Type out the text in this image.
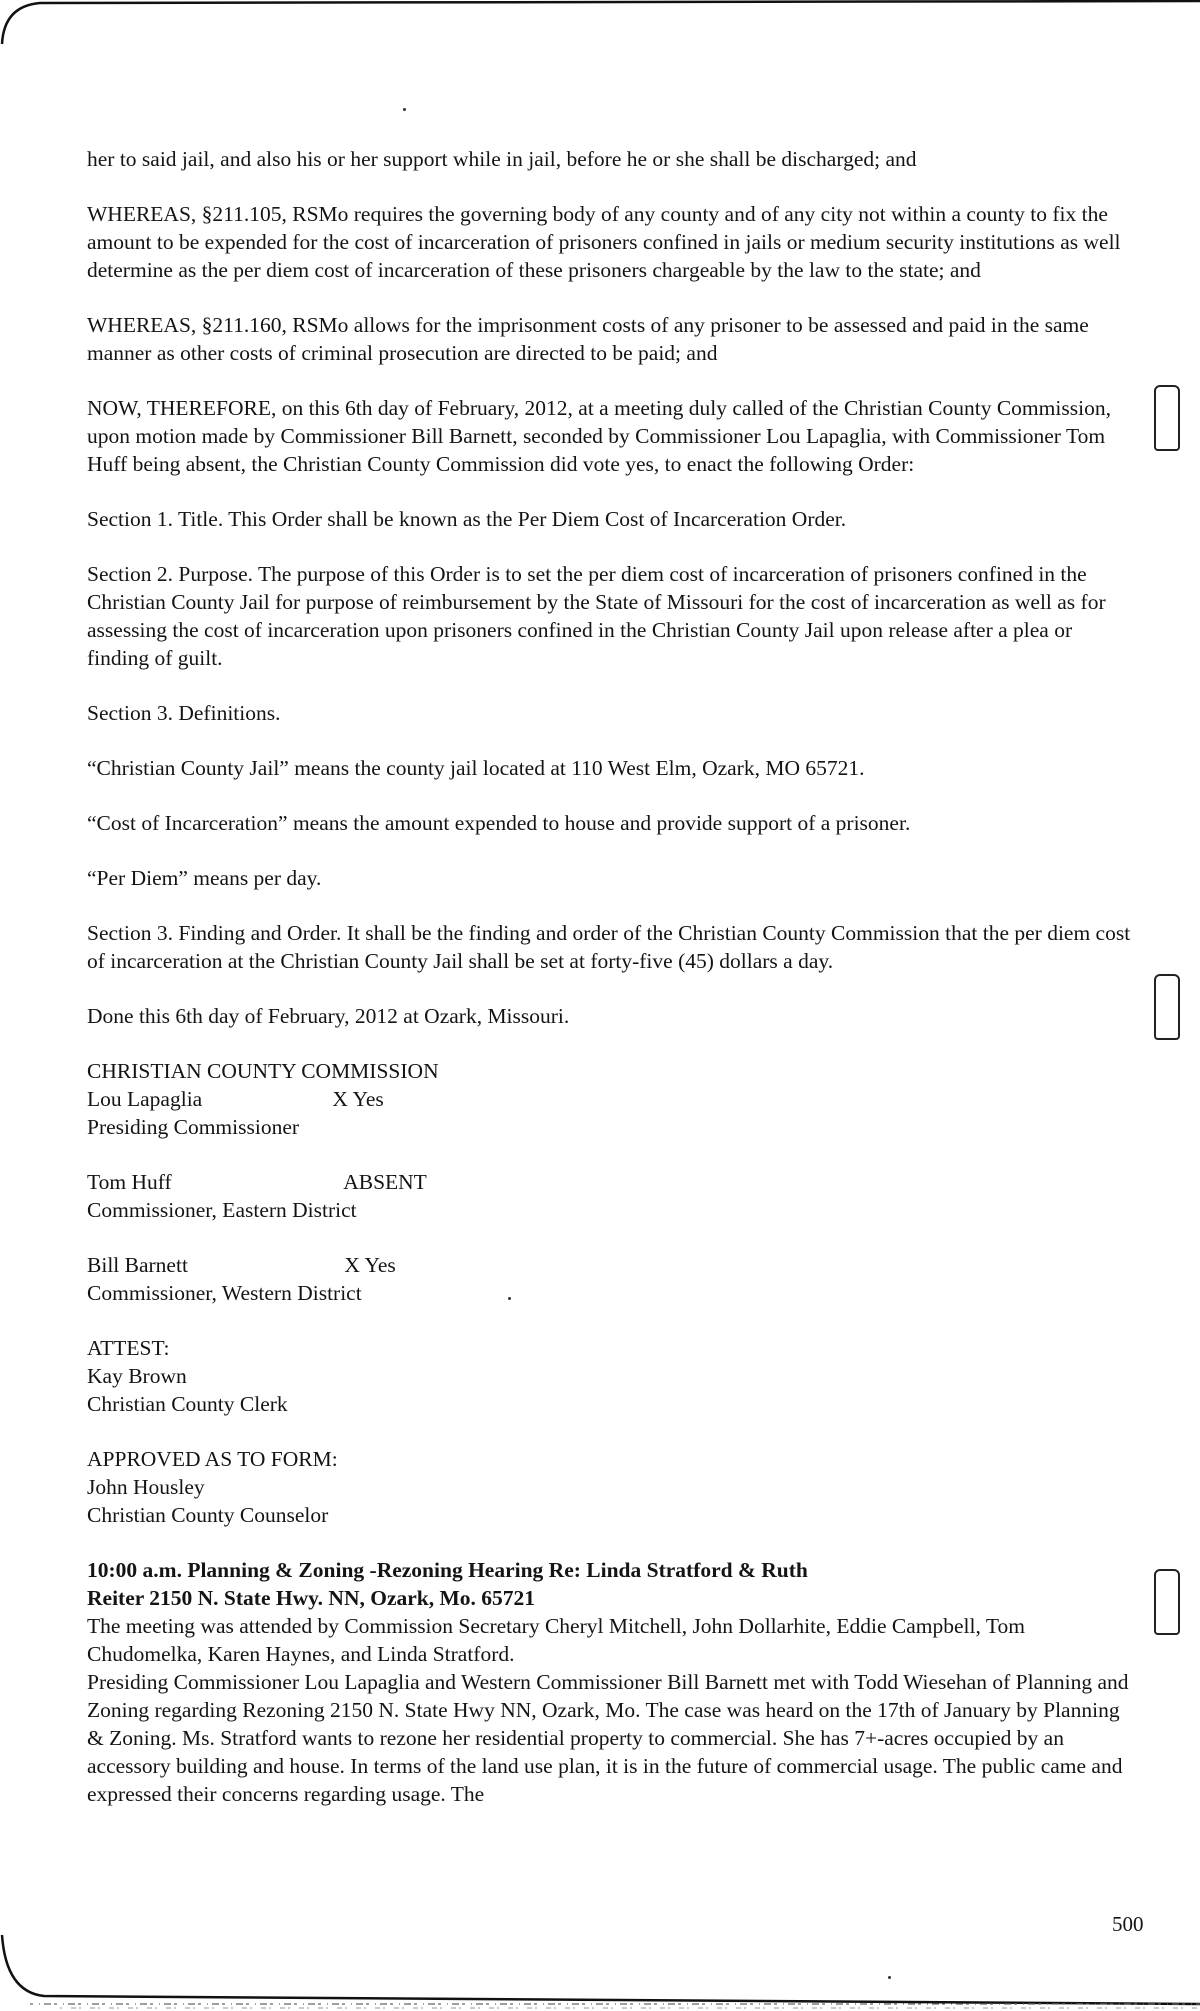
her to said jail, and also his or her support while in jail, before he or she shall be discharged; and

WHEREAS, §211.105, RSMo requires the governing body of any county and of any city not within a county to fix the amount to be expended for the cost of incarceration of prisoners confined in jails or medium security institutions as well determine as the per diem cost of incarceration of these prisoners chargeable by the law to the state; and

WHEREAS, §211.160, RSMo allows for the imprisonment costs of any prisoner to be assessed and paid in the same manner as other costs of criminal prosecution are directed to be paid; and

NOW, THEREFORE, on this 6th day of February, 2012, at a meeting duly called of the Christian County Commission, upon motion made by Commissioner Bill Barnett, seconded by Commissioner Lou Lapaglia, with Commissioner Tom Huff being absent, the Christian County Commission did vote yes, to enact the following Order:

Section 1. Title. This Order shall be known as the Per Diem Cost of Incarceration Order.

Section 2. Purpose. The purpose of this Order is to set the per diem cost of incarceration of prisoners confined in the Christian County Jail for purpose of reimbursement by the State of Missouri for the cost of incarceration as well as for assessing the cost of incarceration upon prisoners confined in the Christian County Jail upon release after a plea or finding of guilt.

Section 3. Definitions.

“Christian County Jail” means the county jail located at 110 West Elm, Ozark, MO 65721.

“Cost of Incarceration” means the amount expended to house and provide support of a prisoner.

“Per Diem” means per day.

Section 3. Finding and Order. It shall be the finding and order of the Christian County Commission that the per diem cost of incarceration at the Christian County Jail shall be set at forty-five (45) dollars a day.

Done this 6th day of February, 2012 at Ozark, Missouri.

CHRISTIAN COUNTY COMMISSION
Lou Lapaglia	X Yes
Presiding Commissioner
Tom Huff	ABSENT
Commissioner, Eastern District
Bill Barnett	X Yes
Commissioner, Western District
ATTEST:
Kay Brown
Christian County Clerk
APPROVED AS TO FORM:
John Housley
Christian County Counselor
10:00 a.m. Planning & Zoning -Rezoning Hearing Re: Linda Stratford & Ruth
Reiter 2150 N. State Hwy. NN, Ozark, Mo. 65721
The meeting was attended by Commission Secretary Cheryl Mitchell, John Dollarhite, Eddie Campbell, Tom Chudomelka, Karen Haynes, and Linda Stratford.
Presiding Commissioner Lou Lapaglia and Western Commissioner Bill Barnett met with Todd Wiesehan of Planning and Zoning regarding Rezoning 2150 N. State Hwy NN, Ozark, Mo. The case was heard on the 17th of January by Planning & Zoning. Ms. Stratford wants to rezone her residential property to commercial. She has 7+-acres occupied by an accessory building and house. In terms of the land use plan, it is in the future of commercial usage. The public came and expressed their concerns regarding usage. The
500
